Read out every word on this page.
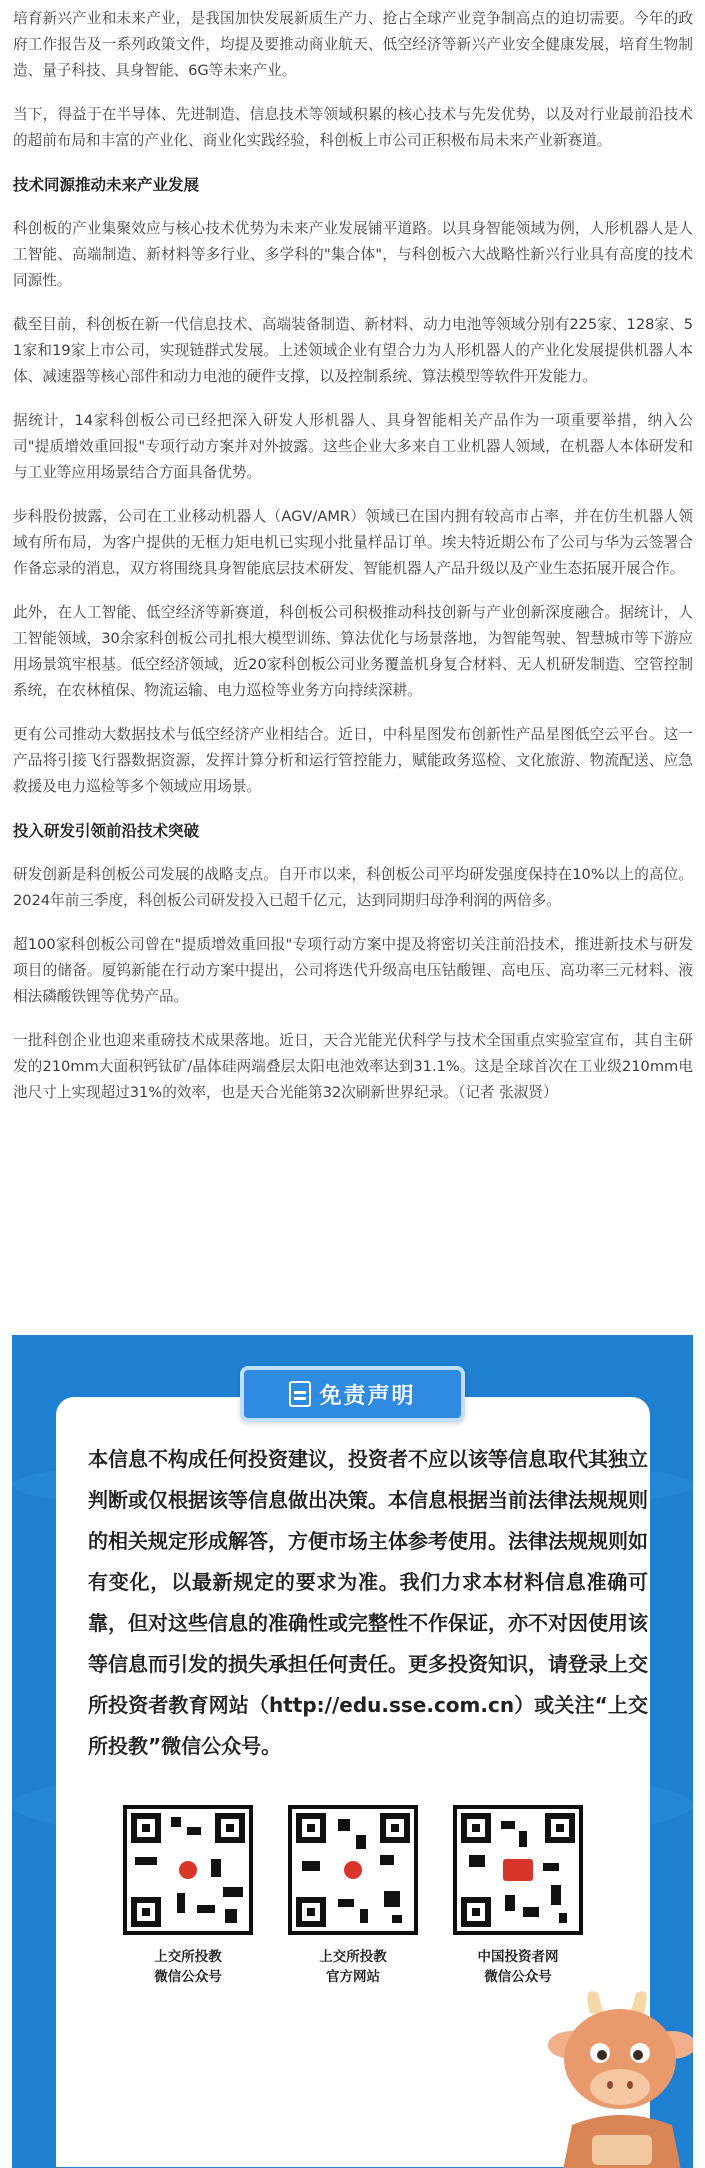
培育新兴产业和未来产业，是我国加快发展新质生产力、抢占全球产业竞争制高点的迫切需要。今年的政府工作报告及一系列政策文件，均提及要推动商业航天、低空经济等新兴产业安全健康发展，培育生物制造、量子科技、具身智能、6G等未来产业。

当下，得益于在半导体、先进制造、信息技术等领域积累的核心技术与先发优势，以及对行业最前沿技术的超前布局和丰富的产业化、商业化实践经验，科创板上市公司正积极布局未来产业新赛道。

技术同源推动未来产业发展

科创板的产业集聚效应与核心技术优势为未来产业发展铺平道路。以具身智能领域为例，人形机器人是人工智能、高端制造、新材料等多行业、多学科的"集合体"，与科创板六大战略性新兴行业具有高度的技术同源性。

截至目前，科创板在新一代信息技术、高端装备制造、新材料、动力电池等领域分别有225家、128家、51家和19家上市公司，实现链群式发展。上述领域企业有望合力为人形机器人的产业化发展提供机器人本体、减速器等核心部件和动力电池的硬件支撑，以及控制系统、算法模型等软件开发能力。

据统计，14家科创板公司已经把深入研发人形机器人、具身智能相关产品作为一项重要举措，纳入公司"提质增效重回报"专项行动方案并对外披露。这些企业大多来自工业机器人领域，在机器人本体研发和与工业等应用场景结合方面具备优势。

步科股份披露，公司在工业移动机器人（AGV/AMR）领域已在国内拥有较高市占率，并在仿生机器人领域有所布局，为客户提供的无框力矩电机已实现小批量样品订单。埃夫特近期公布了公司与华为云签署合作备忘录的消息，双方将围绕具身智能底层技术研发、智能机器人产品升级以及产业生态拓展开展合作。

此外，在人工智能、低空经济等新赛道，科创板公司积极推动科技创新与产业创新深度融合。据统计，人工智能领域，30余家科创板公司扎根大模型训练、算法优化与场景落地，为智能驾驶、智慧城市等下游应用场景筑牢根基。低空经济领域，近20家科创板公司业务覆盖机身复合材料、无人机研发制造、空管控制系统，在农林植保、物流运输、电力巡检等业务方向持续深耕。

更有公司推动大数据技术与低空经济产业相结合。近日，中科星图发布创新性产品星图低空云平台。这一产品将引接飞行器数据资源，发挥计算分析和运行管控能力，赋能政务巡检、文化旅游、物流配送、应急救援及电力巡检等多个领域应用场景。

投入研发引领前沿技术突破

研发创新是科创板公司发展的战略支点。自开市以来，科创板公司平均研发强度保持在10%以上的高位。2024年前三季度，科创板公司研发投入已超千亿元，达到同期归母净利润的两倍多。

超100家科创板公司曾在"提质增效重回报"专项行动方案中提及将密切关注前沿技术，推进新技术与研发项目的储备。厦钨新能在行动方案中提出，公司将迭代升级高电压钴酸锂、高电压、高功率三元材料、液相法磷酸铁锂等优势产品。

一批科创企业也迎来重磅技术成果落地。近日，天合光能光伏科学与技术全国重点实验室宣布，其自主研发的210mm大面积钙钛矿/晶体硅两端叠层太阳电池效率达到31.1%。这是全球首次在工业级210mm电池尺寸上实现超过31%的效率，也是天合光能第32次刷新世界纪录。（记者 张淑贤）

免责声明
本信息不构成任何投资建议，投资者不应以该等信息取代其独立判断或仅根据该等信息做出决策。本信息根据当前法律法规规则的相关规定形成解答，方便市场主体参考使用。法律法规规则如有变化，以最新规定的要求为准。我们力求本材料信息准确可靠，但对这些信息的准确性或完整性不作保证，亦不对因使用该等信息而引发的损失承担任何责任。更多投资知识，请登录上交所投资者教育网站（http://edu.sse.com.cn）或关注“上交所投教”微信公众号。
上交所投教
微信公众号
上交所投教
官方网站
中国投资者网
微信公众号
